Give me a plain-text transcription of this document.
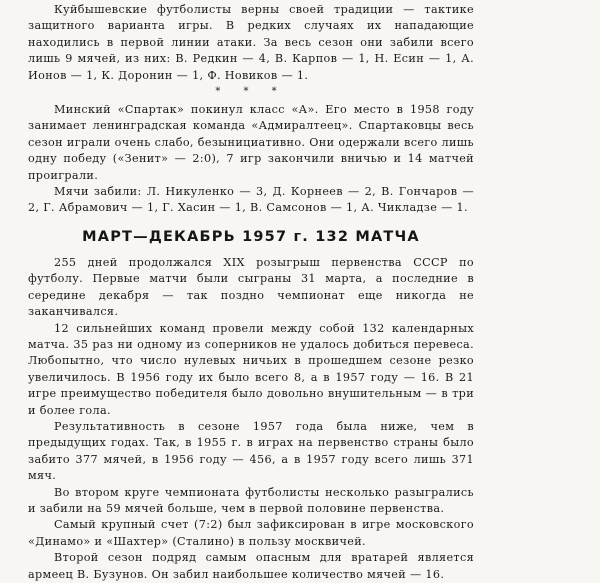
Куйбышевские футболисты верны своей традиции — тактике защитного варианта игры. В редких случаях их нападающие находились в первой линии атаки. За весь сезон они забили всего лишь 9 мячей, из них: В. Редкин — 4, В. Карпов — 1, Н. Есин — 1, А. Ионов — 1, К. Доронин — 1, Ф. Новиков — 1.

* * *

Минский «Спартак» покинул класс «А». Его место в 1958 году занимает ленинградская команда «Адмиралтеец». Спартаковцы весь сезон играли очень слабо, безынициативно. Они одержали всего лишь одну победу («Зенит» — 2:0), 7 игр закончили вничью и 14 матчей проиграли.

Мячи забили: Л. Никуленко — 3, Д. Корнеев — 2, В. Гончаров — 2, Г. Абрамович — 1, Г. Хасин — 1, В. Самсонов — 1, А. Чикладзе — 1.

МАРТ—ДЕКАБРЬ 1957 г. 132 МАТЧА

255 дней продолжался XIX розыгрыш первенства СССР по футболу. Первые матчи были сыграны 31 марта, а последние в середине декабря — так поздно чемпионат еще никогда не заканчивался.

12 сильнейших команд провели между собой 132 календарных матча. 35 раз ни одному из соперников не удалось добиться перевеса. Любопытно, что число нулевых ничьих в прошедшем сезоне резко увеличилось. В 1956 году их было всего 8, а в 1957 году — 16. В 21 игре преимущество победителя было довольно внушительным — в три и более гола.

Результативность в сезоне 1957 года была ниже, чем в предыдущих годах. Так, в 1955 г. в играх на первенство страны было забито 377 мячей, в 1956 году — 456, а в 1957 году всего лишь 371 мяч.

Во втором круге чемпионата футболисты несколько разыгрались и забили на 59 мячей больше, чем в первой половине первенства.

Самый крупный счет (7:2) был зафиксирован в игре московского «Динамо» и «Шахтер» (Сталино) в пользу москвичей.

Второй сезон подряд самым опасным для вратарей является армеец В. Бузунов. Он забил наибольшее количество мячей — 16.
